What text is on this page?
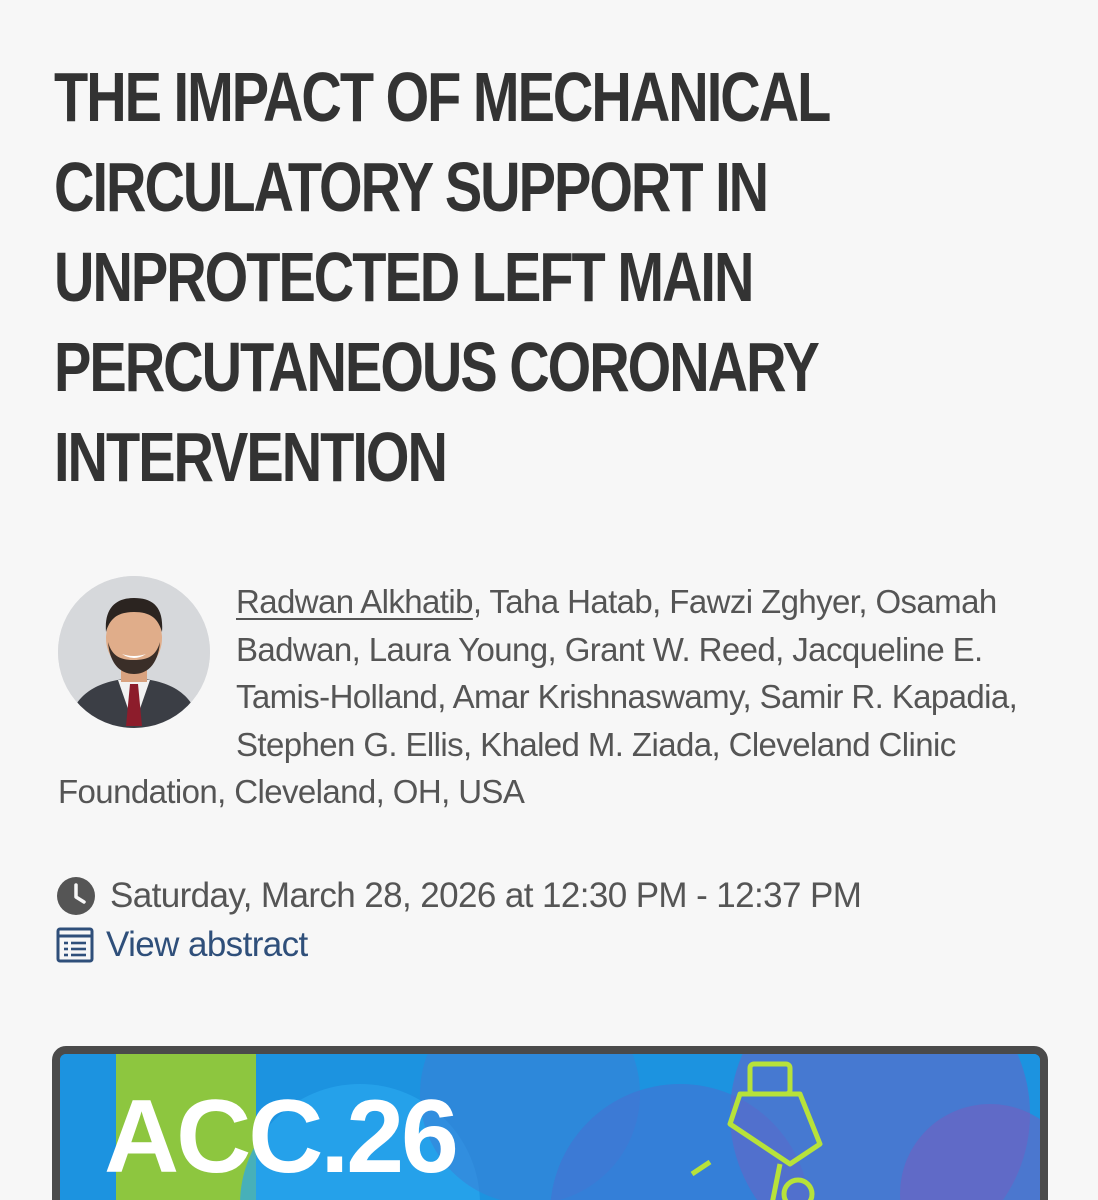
THE IMPACT OF MECHANICAL CIRCULATORY SUPPORT IN UNPROTECTED LEFT MAIN PERCUTANEOUS CORONARY INTERVENTION
Radwan Alkhatib, Taha Hatab, Fawzi Zghyer, Osamah Badwan, Laura Young, Grant W. Reed, Jacqueline E. Tamis-Holland, Amar Krishnaswamy, Samir R. Kapadia, Stephen G. Ellis, Khaled M. Ziada, Cleveland Clinic Foundation, Cleveland, OH, USA
Saturday, March 28, 2026 at 12:30 PM - 12:37 PM
View abstract
ACC.26
